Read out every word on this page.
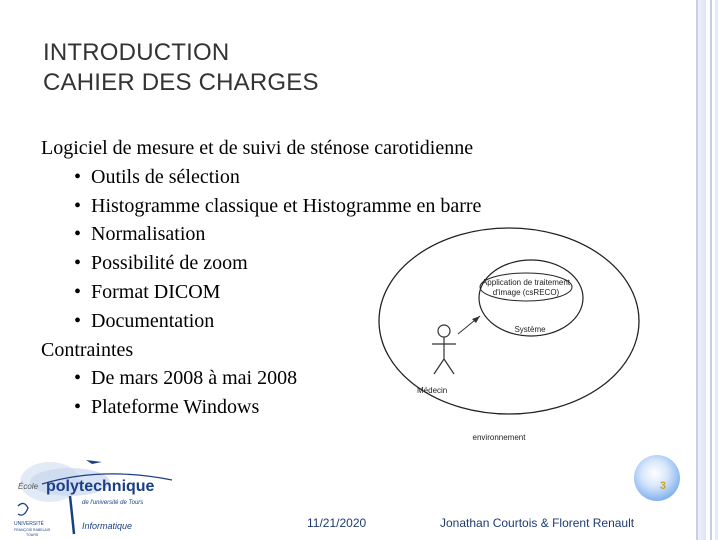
INTRODUCTION
CAHIER DES CHARGES
Logiciel de mesure et de suivi de sténose carotidienne
• Outils de sélection
• Histogramme classique et Histogramme en barre
• Normalisation
• Possibilité de zoom
• Format DICOM
• Documentation
Contraintes
• De mars 2008 à mai 2008
• Plateforme Windows
Application de traitement
d'image (csRECO)
Système
Médecin
environnement
École polytechnique
de l'université de Tours
UNIVERSITÉ
FRANÇOIS RABELAIS
TOURS
Informatique
3
11/21/2020	Jonathan Courtois & Florent Renault
